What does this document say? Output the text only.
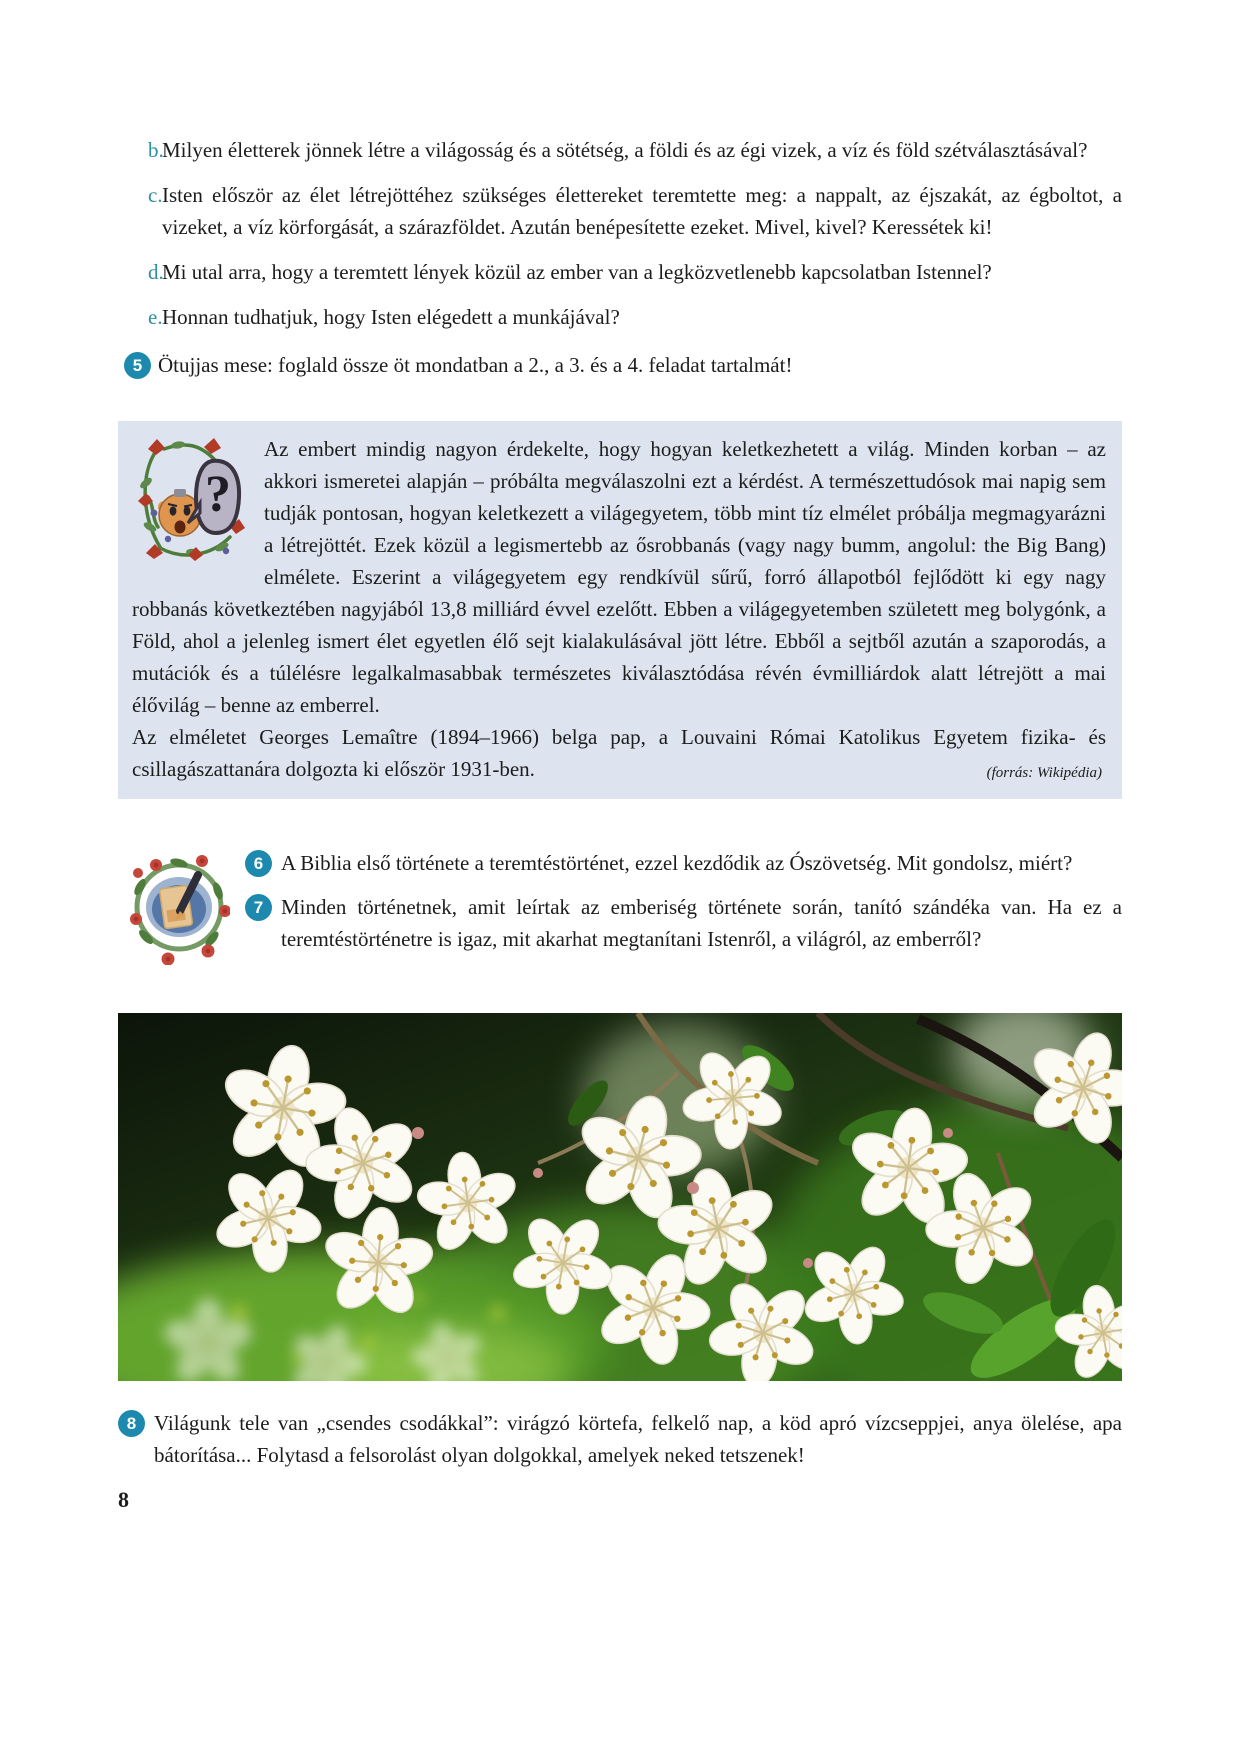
b.
Milyen életterek jönnek létre a világosság és a sötétség, a földi és az égi vizek, a víz és föld szétválasztásával?
c. Isten először az élet létrejöttéhez szükséges élettereket teremtette meg: a nappalt, az éjszakát, az égboltot, a vizeket, a víz körforgását, a szárazföldet. Azután benépesítette ezeket. Mivel, kivel? Keressétek ki!
d.
Mi utal arra, hogy a teremtett lények közül az ember van a legközvetlenebb kapcsolatban Istennel?
e. Honnan tudhatjuk, hogy Isten elégedett a munkájával?
5 Ötujjas mese: foglald össze öt mondatban a 2., a 3. és a 4. feladat tartalmát!
?

Az embert mindig nagyon érdekelte, hogy hogyan keletkezhetett a világ. Minden korban – az akkori ismeretei alapján – próbálta megválaszolni ezt a kérdést. A természettudósok mai napig sem tudják pontosan, hogyan keletkezett a világegyetem, több mint tíz elmélet próbálja megmagyarázni a létrejöttét. Ezek közül a legismertebb az ősrobbanás (vagy nagy bumm, angolul: the Big Bang) elmélete. Eszerint a világegyetem egy rendkívül sűrű, forró állapotból fejlődött ki egy nagy robbanás következtében nagyjából 13,8 milliárd évvel ezelőtt. Ebben a világegyetemben született meg bolygónk, a Föld, ahol a jelenleg ismert élet egyetlen élő sejt kialakulásával jött létre. Ebből a sejtből azután a szaporodás, a mutációk és a túlélésre legalkalmasabbak természetes kiválasztódása révén évmilliárdok alatt létrejött a mai élővilág – benne az emberrel.

Az elméletet Georges Lemaître (1894–1966) belga pap, a Louvaini Római Katolikus Egyetem fizika- és csillagászattanára dolgozta ki először 1931-ben.	(forrás: Wikipédia)
6 A Biblia első története a teremtéstörténet, ezzel kezdődik az Ószövetség. Mit gondolsz, miért?
7 Minden történetnek, amit leírtak az emberiség története során, tanító szándéka van. Ha ez a teremtéstörténetre is igaz, mit akarhat megtanítani Istenről, a világról, az emberről?
8 Világunk tele van „csendes csodákkal”: virágzó körtefa, felkelő nap, a köd apró vízcseppjei, anya ölelése, apa bátorítása... Folytasd a felsorolást olyan dolgokkal, amelyek neked tetszenek!
8
